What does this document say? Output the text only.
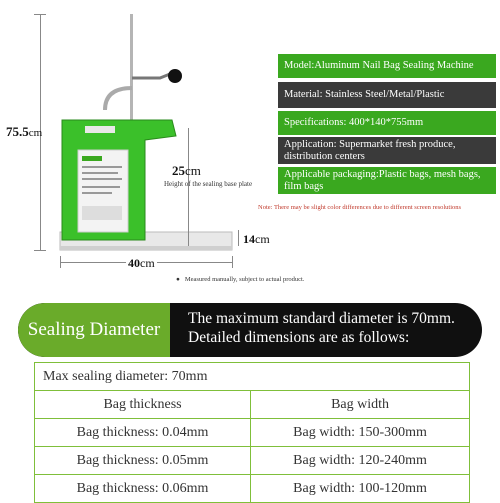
75.5cm
25cm
Height of the sealing base plate
14cm
40cm
● Measured manually, subject to actual product.
Model:Aluminum Nail Bag Sealing Machine
Material: Stainless Steel/Metal/Plastic
Specifications: 400*140*755mm
Application: Supermarket fresh produce, distribution centers
Applicable packaging:Plastic bags, mesh bags, film bags
Note: There may be slight color differences due to different screen resolutions
Sealing Diameter
The maximum standard diameter is 70mm.
Detailed dimensions are as follows:
Max sealing diameter: 70mm	
Bag thickness	Bag width
Bag thickness: 0.04mm	Bag width: 150-300mm
Bag thickness: 0.05mm	Bag width: 120-240mm
Bag thickness: 0.06mm	Bag width: 100-120mm
